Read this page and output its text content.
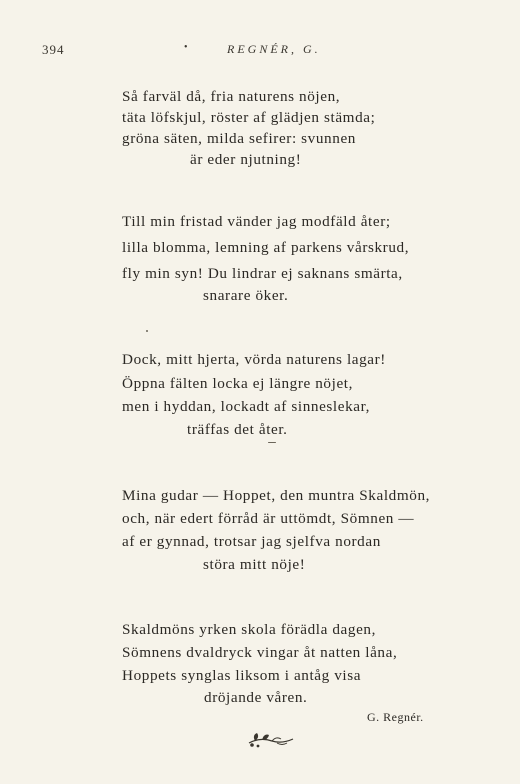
394	•	REGNÉR, G.
Så farväl då, fria naturens nöjen,
täta löfskjul, röster af glädjen stämda;
gröna säten, milda sefirer: svunnen
är eder njutning!
Till min fristad vänder jag modfäld åter;
lilla blomma, lemning af parkens vårskrud,
fly min syn! Du lindrar ej saknans smärta,
snarare öker.
Dock, mitt hjerta, vörda naturens lagar!
Öppna fälten locka ej längre nöjet,
men i hyddan, lockadt af sinneslekar,
träffas det åter.
Mina gudar — Hoppet, den muntra Skaldmön,
och, när edert förråd är uttömdt, Sömnen —
af er gynnad, trotsar jag sjelfva nordan
störa mitt nöje!
Skaldmöns yrken skola förädla dagen,
Sömnens dvaldryck vingar åt natten låna,
Hoppets synglas liksom i antåg visa
dröjande våren.
G. Regnér.
